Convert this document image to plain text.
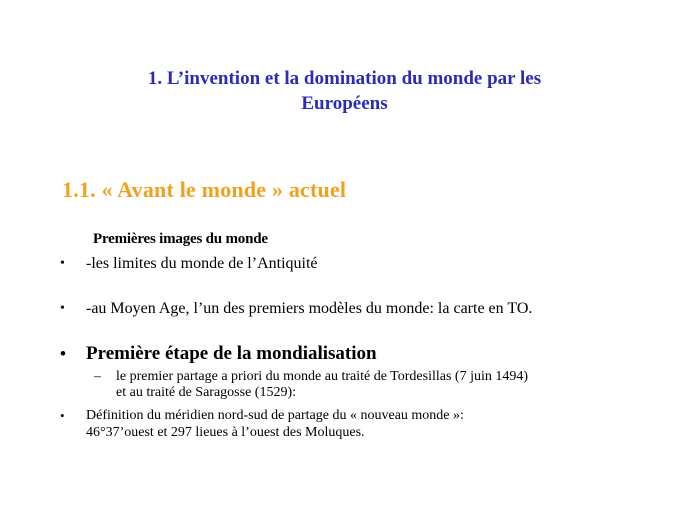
1. L’invention et la domination du monde par les
Européens
1.1. « Avant le monde » actuel
Premières images du monde
•	-les limites du monde de l’Antiquité
•	-au Moyen Age, l’un des premiers modèles du monde: la carte en TO.
•	Première étape de la mondialisation
–	le premier partage a priori du monde au traité de Tordesillas (7 juin 1494)
et au traité de Saragosse (1529):
•	Définition du méridien nord-sud de partage du « nouveau monde »:
46°37’ouest et 297 lieues à l’ouest des Moluques.
